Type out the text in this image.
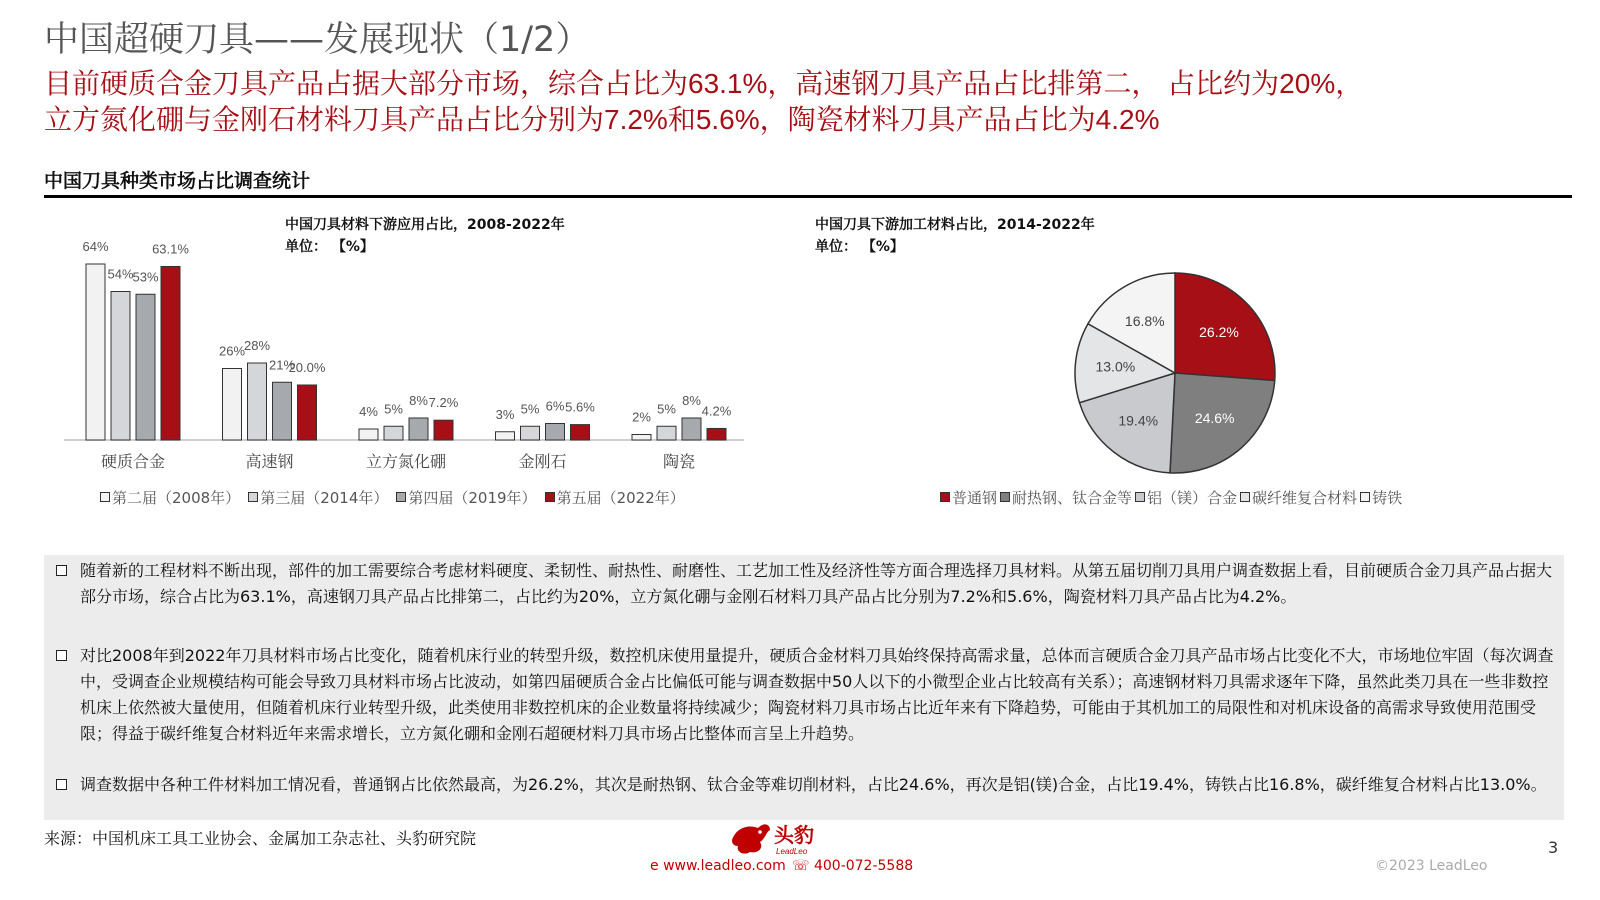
中国超硬刀具——发展现状（1/2）
目前硬质合金刀具产品占据大部分市场，综合占比为63.1%，高速钢刀具产品占比排第二， 占比约为20%，
立方氮化硼与金刚石材料刀具产品占比分别为7.2%和5.6%，陶瓷材料刀具产品占比为4.2%
中国刀具种类市场占比调查统计
中国刀具材料下游应用占比，2008-2022年
单位： 【%】
64%
54%
53%
63.1%
硬质合金
26%
28%
21%
20.0%
高速钢
4% 5%
8% 7.2%
立方氮化硼
3% 5% 6% 5.6%
金刚石
2%
5%
8%
4.2%
陶瓷
第二届（2008年） 第三届（2014年） 第四届（2019年） 第五届（2022年）
中国刀具下游加工材料占比，2014-2022年
单位： 【%】
26.2%
24.6%
19.4%
13.0%
16.8%
普通钢 耐热钢、钛合金等 铝（镁）合金 碳纤维复合材料 铸铁
随着新的工程材料不断出现，部件的加工需要综合考虑材料硬度、柔韧性、耐热性、耐磨性、工艺加工性及经济性等方面合理选择刀具材料。从第五届切削刀具用户调查数据上看，目前硬质合金刀具产品占据大部分市场，综合占比为63.1%，高速钢刀具产品占比排第二，占比约为20%，立方氮化硼与金刚石材料刀具产品占比分别为7.2%和5.6%，陶瓷材料刀具产品占比为4.2%。
对比2008年到2022年刀具材料市场占比变化，随着机床行业的转型升级，数控机床使用量提升，硬质合金材料刀具始终保持高需求量，总体而言硬质合金刀具产品市场占比变化不大，市场地位牢固（每次调查中，受调查企业规模结构可能会导致刀具材料市场占比波动，如第四届硬质合金占比偏低可能与调查数据中50人以下的小微型企业占比较高有关系）；高速钢材料刀具需求逐年下降，虽然此类刀具在一些非数控机床上依然被大量使用，但随着机床行业转型升级，此类使用非数控机床的企业数量将持续减少；陶瓷材料刀具市场占比近年来有下降趋势，可能由于其机加工的局限性和对机床设备的高需求导致使用范围受限；得益于碳纤维复合材料近年来需求增长，立方氮化硼和金刚石超硬材料刀具市场占比整体而言呈上升趋势。
调查数据中各种工件材料加工情况看，普通钢占比依然最高，为26.2%，其次是耐热钢、钛合金等难切削材料，占比24.6%，再次是铝(镁)合金，占比19.4%，铸铁占比16.8%，碳纤维复合材料占比13.0%。
来源：中国机床工具工业协会、金属加工杂志社、头豹研究院	3
头豹
LeadLeo
e www.leadleo.com ☏ 400-072-5588	©2023 LeadLeo
